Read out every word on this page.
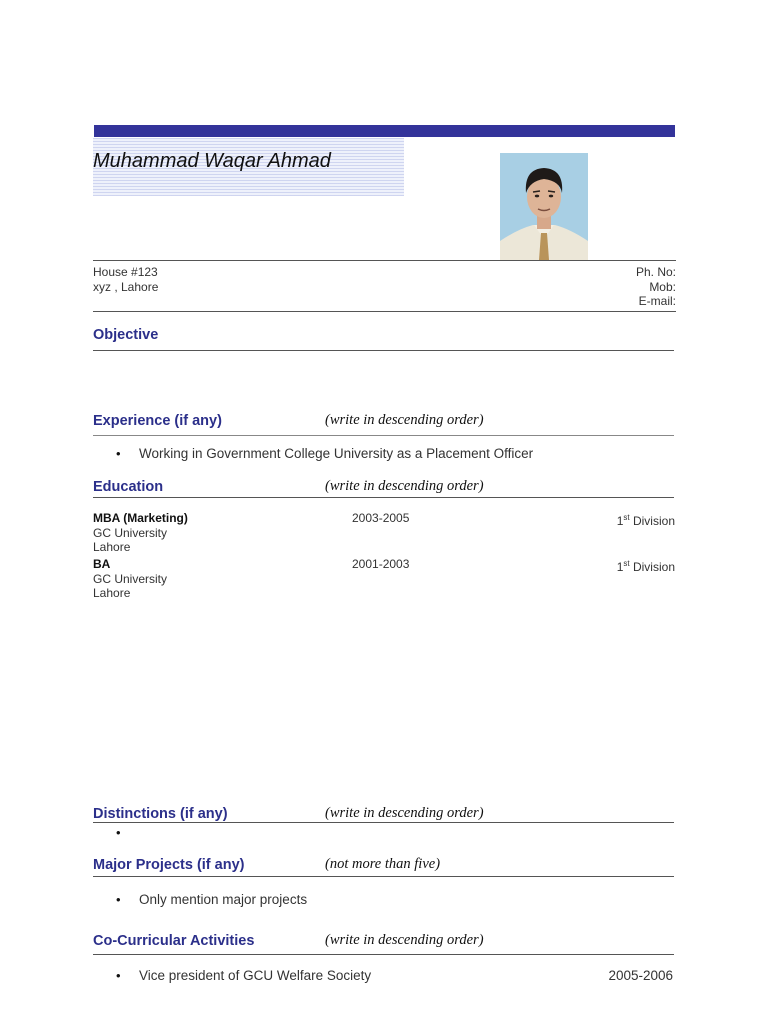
Muhammad Waqar Ahmad
House #123
xyz , Lahore
Ph. No:
Mob:
E-mail:
Objective
Experience (if any)	(write in descending order)
• Working in Government College University as a Placement Officer
Education	(write in descending order)
MBA (Marketing)
GC University
Lahore
2003-2005	1st Division
BA
GC University
Lahore
2001-2003	1st Division
Distinctions (if any)	(write in descending order)
•
Major Projects (if any)	(not more than five)
• Only mention major projects
Co-Curricular Activities	(write in descending order)
• Vice president of GCU Welfare Society	2005-2006
